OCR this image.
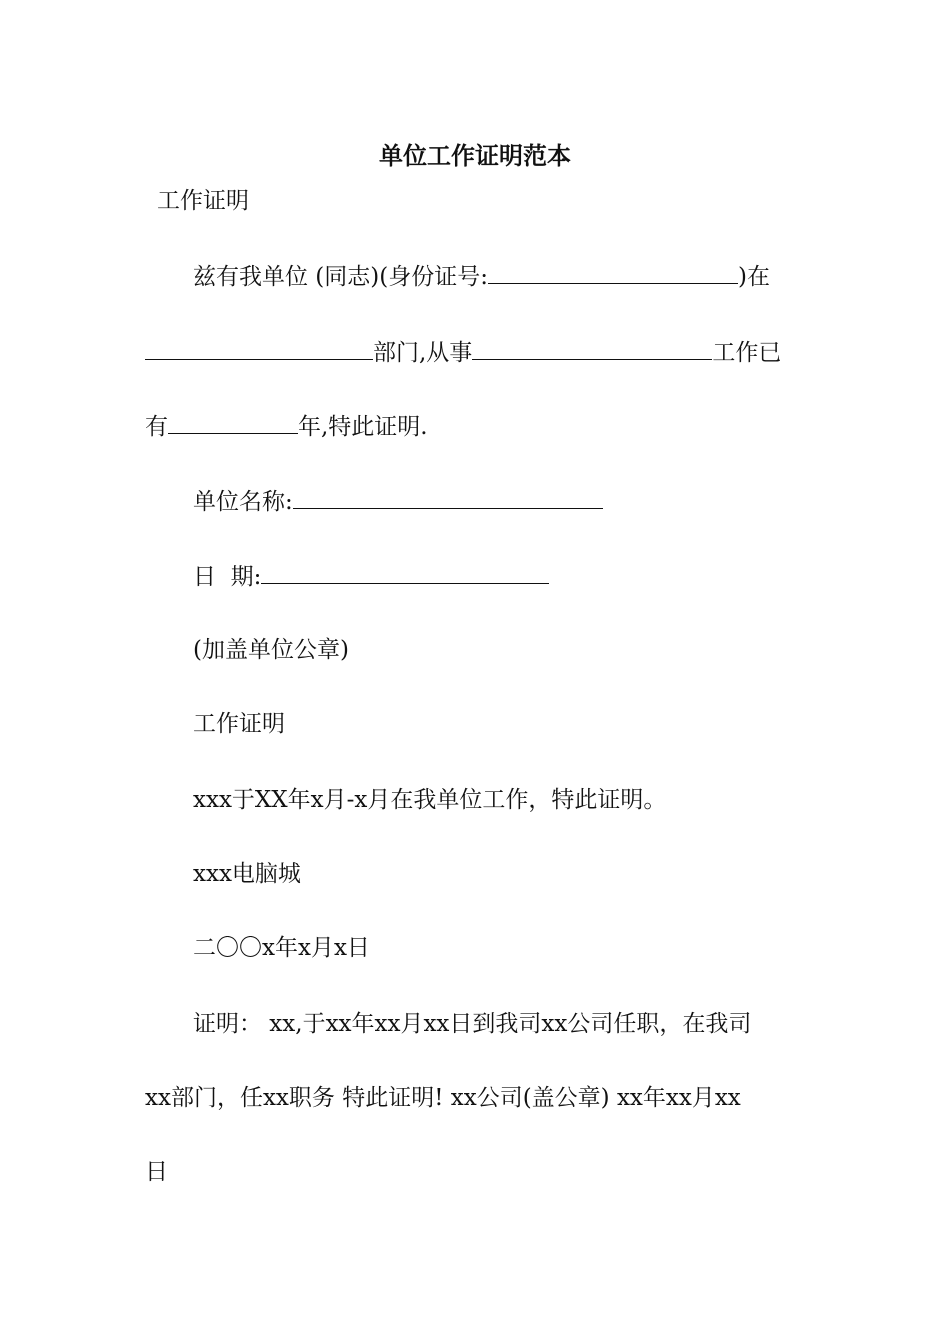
单位工作证明范本
工作证明
兹有我单位 (同志)(身份证号:	)在
部门,从事	工作已
有	年,特此证明.
单位名称:
日  期:
(加盖单位公章)
工作证明
xxx于XX年x月-x月在我单位工作，特此证明。
xxx电脑城
二〇〇x年x月x日
证明： xx,于xx年xx月xx日到我司xx公司任职，在我司
xx部门，任xx职务 特此证明! xx公司(盖公章) xx年xx月xx
日
